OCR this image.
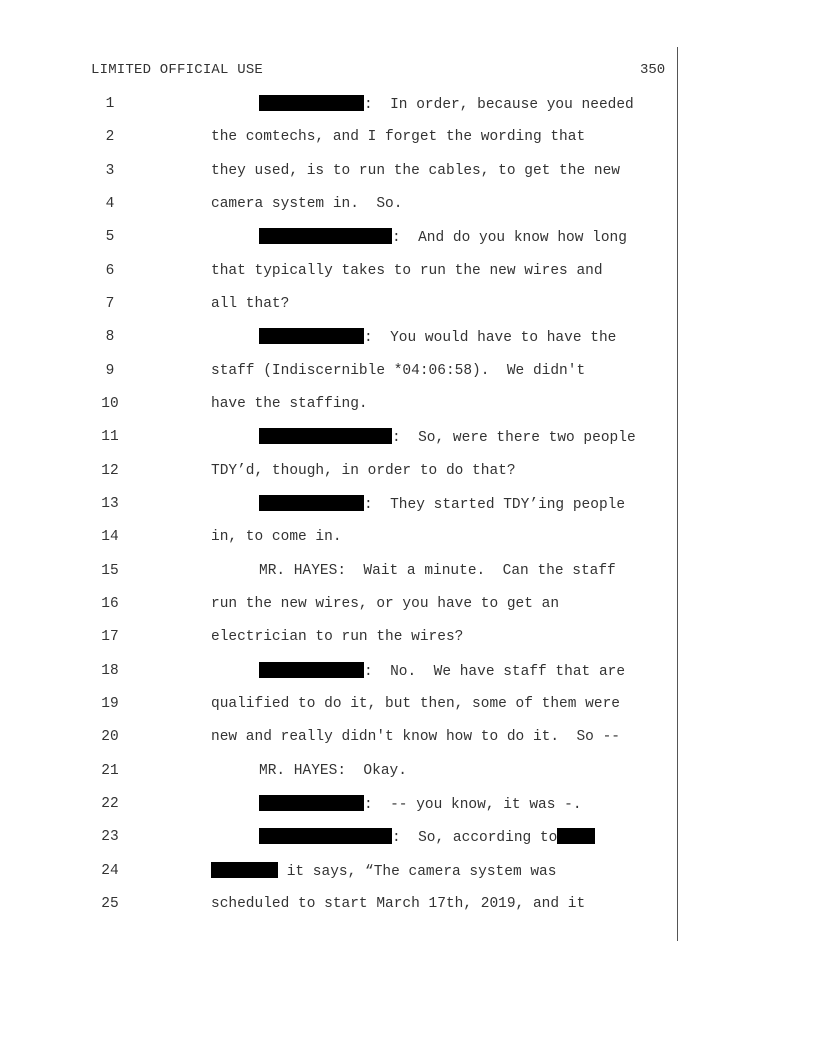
LIMITED OFFICIAL USE	350
1	:  In order, because you needed
2	the comtechs, and I forget the wording that
3	they used, is to run the cables, to get the new
4	camera system in.  So.
5	:  And do you know how long
6	that typically takes to run the new wires and
7	all that?
8	:  You would have to have the
9	staff (Indiscernible *04:06:58).  We didn't
10	have the staffing.
11	:  So, were there two people
12	TDY’d, though, in order to do that?
13	:  They started TDY’ing people
14	in, to come in.
15	MR. HAYES:  Wait a minute.  Can the staff
16	run the new wires, or you have to get an
17	electrician to run the wires?
18	:  No.  We have staff that are
19	qualified to do it, but then, some of them were
20	new and really didn't know how to do it.  So --
21	MR. HAYES:  Okay.
22	:  -- you know, it was -.
23	:  So, according to
24	it says, “The camera system was
25	scheduled to start March 17th, 2019, and it
